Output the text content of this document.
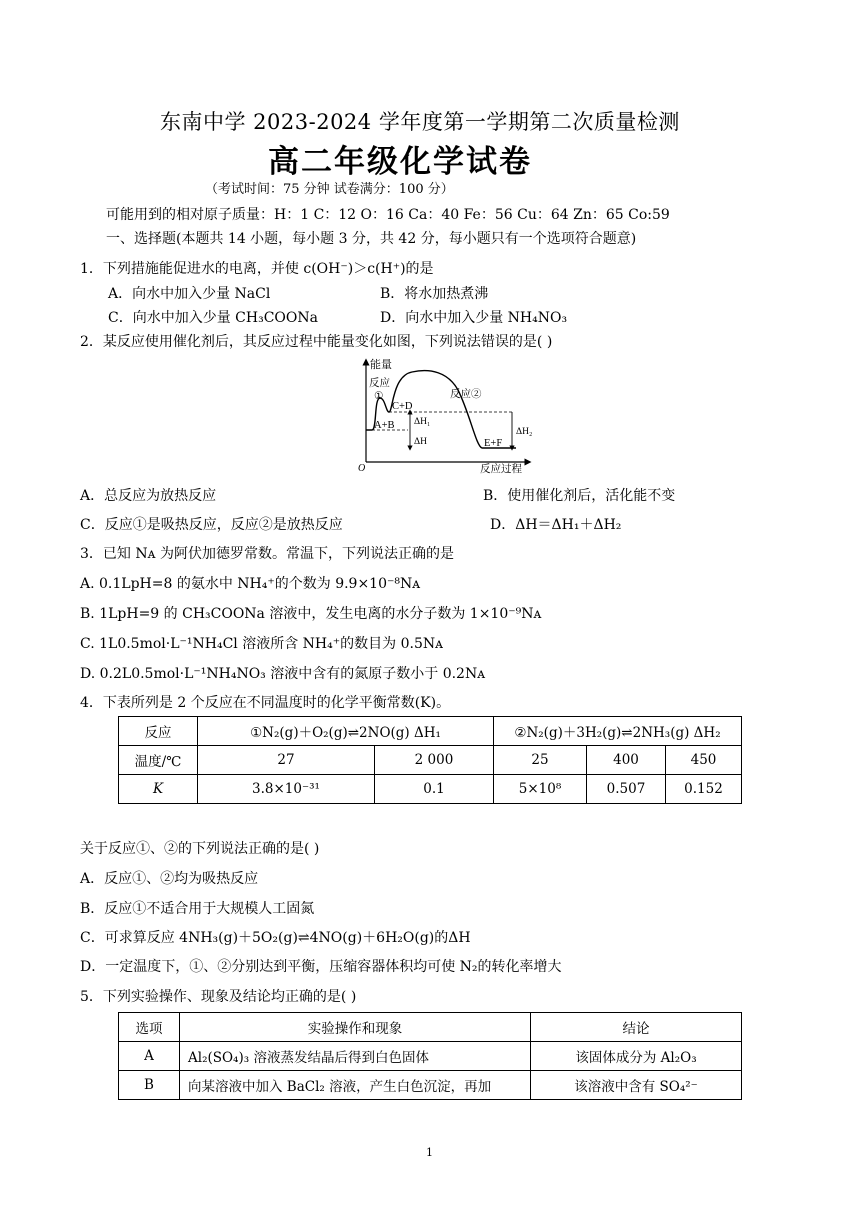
东南中学 2023-2024 学年度第一学期第二次质量检测
高二年级化学试卷
（考试时间：75 分钟 试卷满分：100 分）
可能用到的相对原子质量：H：1 C：12 O：16 Ca：40 Fe：56 Cu：64 Zn：65 Co:59
一、选择题(本题共 14 小题，每小题 3 分，共 42 分，每小题只有一个选项符合题意)
1．下列措施能促进水的电离，并使 c(OH⁻)＞c(H⁺)的是
A．向水中加入少量 NaCl	B．将水加热煮沸
C．向水中加入少量 CH₃COONa	D．向水中加入少量 NH₄NO₃
2．某反应使用催化剂后，其反应过程中能量变化如图，下列说法错误的是( )
能量
反应过程
O
反应
①	反应②
C+D
A+B
E+F
ΔH₁
ΔH
ΔH₂
A．总反应为放热反应	B．使用催化剂后，活化能不变
C．反应①是吸热反应，反应②是放热反应	D．ΔH＝ΔH₁＋ΔH₂
3．已知 Nᴀ 为阿伏加德罗常数。常温下，下列说法正确的是
A. 0.1LpH=8 的氨水中 NH₄⁺的个数为 9.9×10⁻⁸Nᴀ
B. 1LpH=9 的 CH₃COONa 溶液中，发生电离的水分子数为 1×10⁻⁹Nᴀ
C. 1L0.5mol·L⁻¹NH₄Cl 溶液所含 NH₄⁺的数目为 0.5Nᴀ
D. 0.2L0.5mol·L⁻¹NH₄NO₃ 溶液中含有的氮原子数小于 0.2Nᴀ
4．下表所列是 2 个反应在不同温度时的化学平衡常数(K)。
反应	①N₂(g)＋O₂(g)⇌2NO(g) ΔH₁		②N₂(g)＋3H₂(g)⇌2NH₃(g) ΔH₂		
温度/℃	27	2 000	25	400	450
K	3.8×10⁻³¹	0.1	5×10⁸	0.507	0.152
关于反应①、②的下列说法正确的是( )
A．反应①、②均为吸热反应
B．反应①不适合用于大规模人工固氮
C．可求算反应 4NH₃(g)＋5O₂(g)⇌4NO(g)＋6H₂O(g)的ΔH
D．一定温度下，①、②分别达到平衡，压缩容器体积均可使 N₂的转化率增大
5．下列实验操作、现象及结论均正确的是( )
选项	实验操作和现象	结论
A	Al₂(SO₄)₃ 溶液蒸发结晶后得到白色固体	该固体成分为 Al₂O₃
B	向某溶液中加入 BaCl₂ 溶液，产生白色沉淀，再加	该溶液中含有 SO₄²⁻
1
